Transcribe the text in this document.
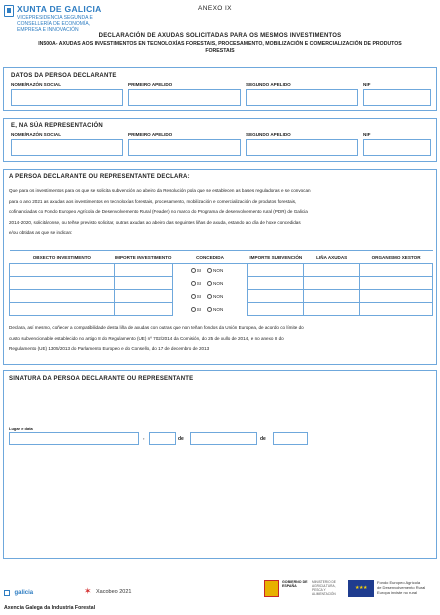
XUNTA DE GALICIA
VICEPRESIDENCIA SEGUNDA E
CONSELLERÍA DE ECONOMÍA,
EMPRESA E INNOVACIÓN
ANEXO IX
DECLARACIÓN DE AXUDAS SOLICITADAS PARA OS MESMOS INVESTIMENTOS
IN500A- AXUDAS AOS INVESTIMENTOS EN TECNOLOXÍAS FORESTAIS, PROCESAMENTO, MOBILIZACIÓN E COMERCIALIZACIÓN DE PRODUTOS FORESTAIS
DATOS DA PERSOA DECLARANTE
NOME/RAZÓN SOCIAL	PRIMEIRO APELIDO	SEGUNDO APELIDO	NIF
E, NA SÚA REPRESENTACIÓN
NOME/RAZÓN SOCIAL	PRIMEIRO APELIDO	SEGUNDO APELIDO	NIF
A PERSOA DECLARANTE OU REPRESENTANTE DECLARA:
Que para os investimentos para os que se solicita subvención ao abeiro da Resolución pola que se establecen as bases reguladoras e se convocan
para o ano 2021 as axudas aos investimentos en tecnoloxías forestais, procesamento, mobilización e comercialización de produtos forestais,
cofinanciadas co Fondo Europeo Agrícola de Desenvolvemento Rural (Feader) no marco do Programa de desenvolvemento rural (PDR) de Galicia
2014-2020, solicitáronse, ou teñse previsto solicitar, outras axudas ao abeiro das seguintes liñas de axuda, estando ao día de hoxe concedidas
e/ou obtidas as que se indican:
OBXECTO INVESTIMENTO	IMPORTE INVESTIMENTO	CONCEDIDA	IMPORTE SUBVENCIÓN	LIÑA AXUDAS	ORGANISMO XESTOR
		SI NON			
		SI NON			
		SI NON			
		SI NON			
Declara, así mesmo, coñecer a compatibilidade desta liña de axudas con outras que non teñan fondos da Unión Europea, de acordo co límite do
custo subvencionable establecido no artigo 8 do Regulamento (UE) nº 702/2014 da Comisión, do 25 de xullo de 2014, e no anexo II do
Regulamento (UE) 1305/2013 do Parlamento Europeo e do Consello, do 17 de decembro de 2013
SINATURA DA PERSOA DECLARANTE OU REPRESENTANTE
Lugar e data
,	de	de
galicia	✶ Xacobeo 2021
GOBIERNO DE ESPAÑA
MINISTERIO DE AGRICULTURA, PESCA Y ALIMENTACIÓN
★★★
Fondo Europeo Agrícola
de Desenvolvemento Rural
Europa inviste no rural
Axencia Galega da Industria Forestal
